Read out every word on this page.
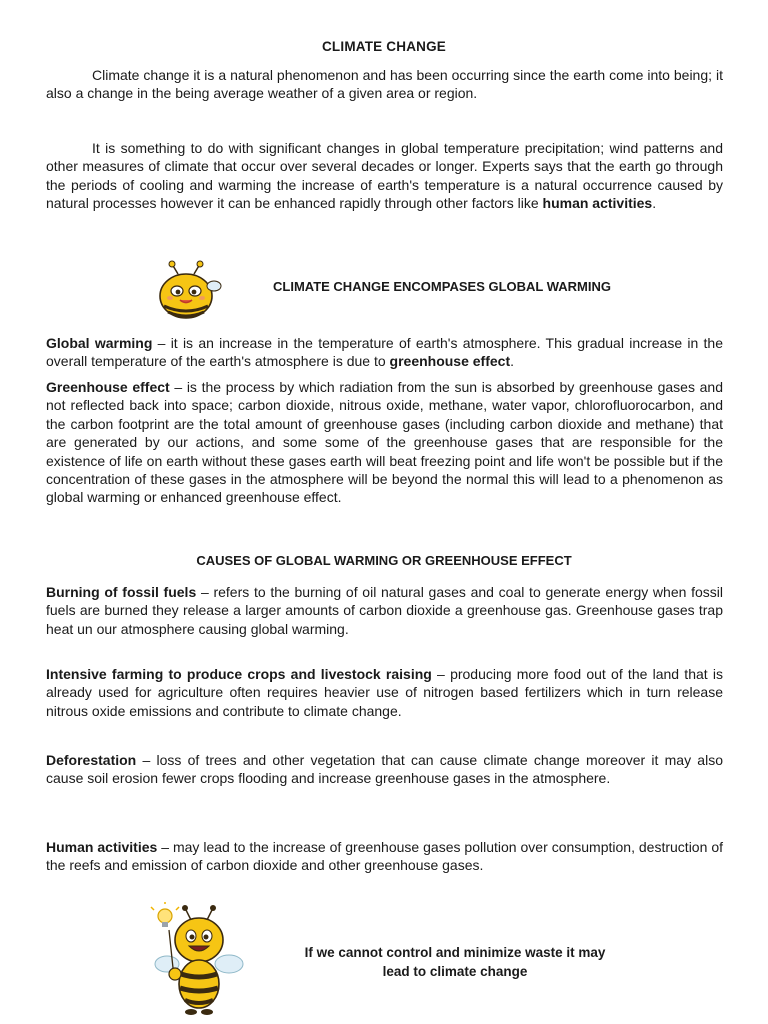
CLIMATE CHANGE

Climate change it is a natural phenomenon and has been occurring since the earth come into being; it also a change in the being average weather of a given area or region.

It is something to do with significant changes in global temperature precipitation; wind patterns and other measures of climate that occur over several decades or longer. Experts says that the earth go through the periods of cooling and warming the increase of earth's temperature is a natural occurrence caused by natural processes however it can be enhanced rapidly through other factors like human activities.

CLIMATE CHANGE ENCOMPASES GLOBAL WARMING

Global warming – it is an increase in the temperature of earth's atmosphere. This gradual increase in the overall temperature of the earth's atmosphere is due to greenhouse effect.

Greenhouse effect – is the process by which radiation from the sun is absorbed by greenhouse gases and not reflected back into space; carbon dioxide, nitrous oxide, methane, water vapor, chlorofluorocarbon, and the carbon footprint are the total amount of greenhouse gases (including carbon dioxide and methane) that are generated by our actions, and some some of the greenhouse gases that are responsible for the existence of life on earth without these gases earth will beat freezing point and life won't be possible but if the concentration of these gases in the atmosphere will be beyond the normal this will lead to a phenomenon as global warming or enhanced greenhouse effect.

CAUSES OF GLOBAL WARMING OR GREENHOUSE EFFECT

Burning of fossil fuels – refers to the burning of oil natural gases and coal to generate energy when fossil fuels are burned they release a larger amounts of carbon dioxide a greenhouse gas. Greenhouse gases trap heat un our atmosphere causing global warming.

Intensive farming to produce crops and livestock raising – producing more food out of the land that is already used for agriculture often requires heavier use of nitrogen based fertilizers which in turn release nitrous oxide emissions and contribute to climate change.

Deforestation – loss of trees and other vegetation that can cause climate change moreover it may also cause soil erosion fewer crops flooding and increase greenhouse gases in the atmosphere.

Human activities – may lead to the increase of greenhouse gases pollution over consumption, destruction of the reefs and emission of carbon dioxide and other greenhouse gases.

If we cannot control and minimize waste it may
lead to climate change
